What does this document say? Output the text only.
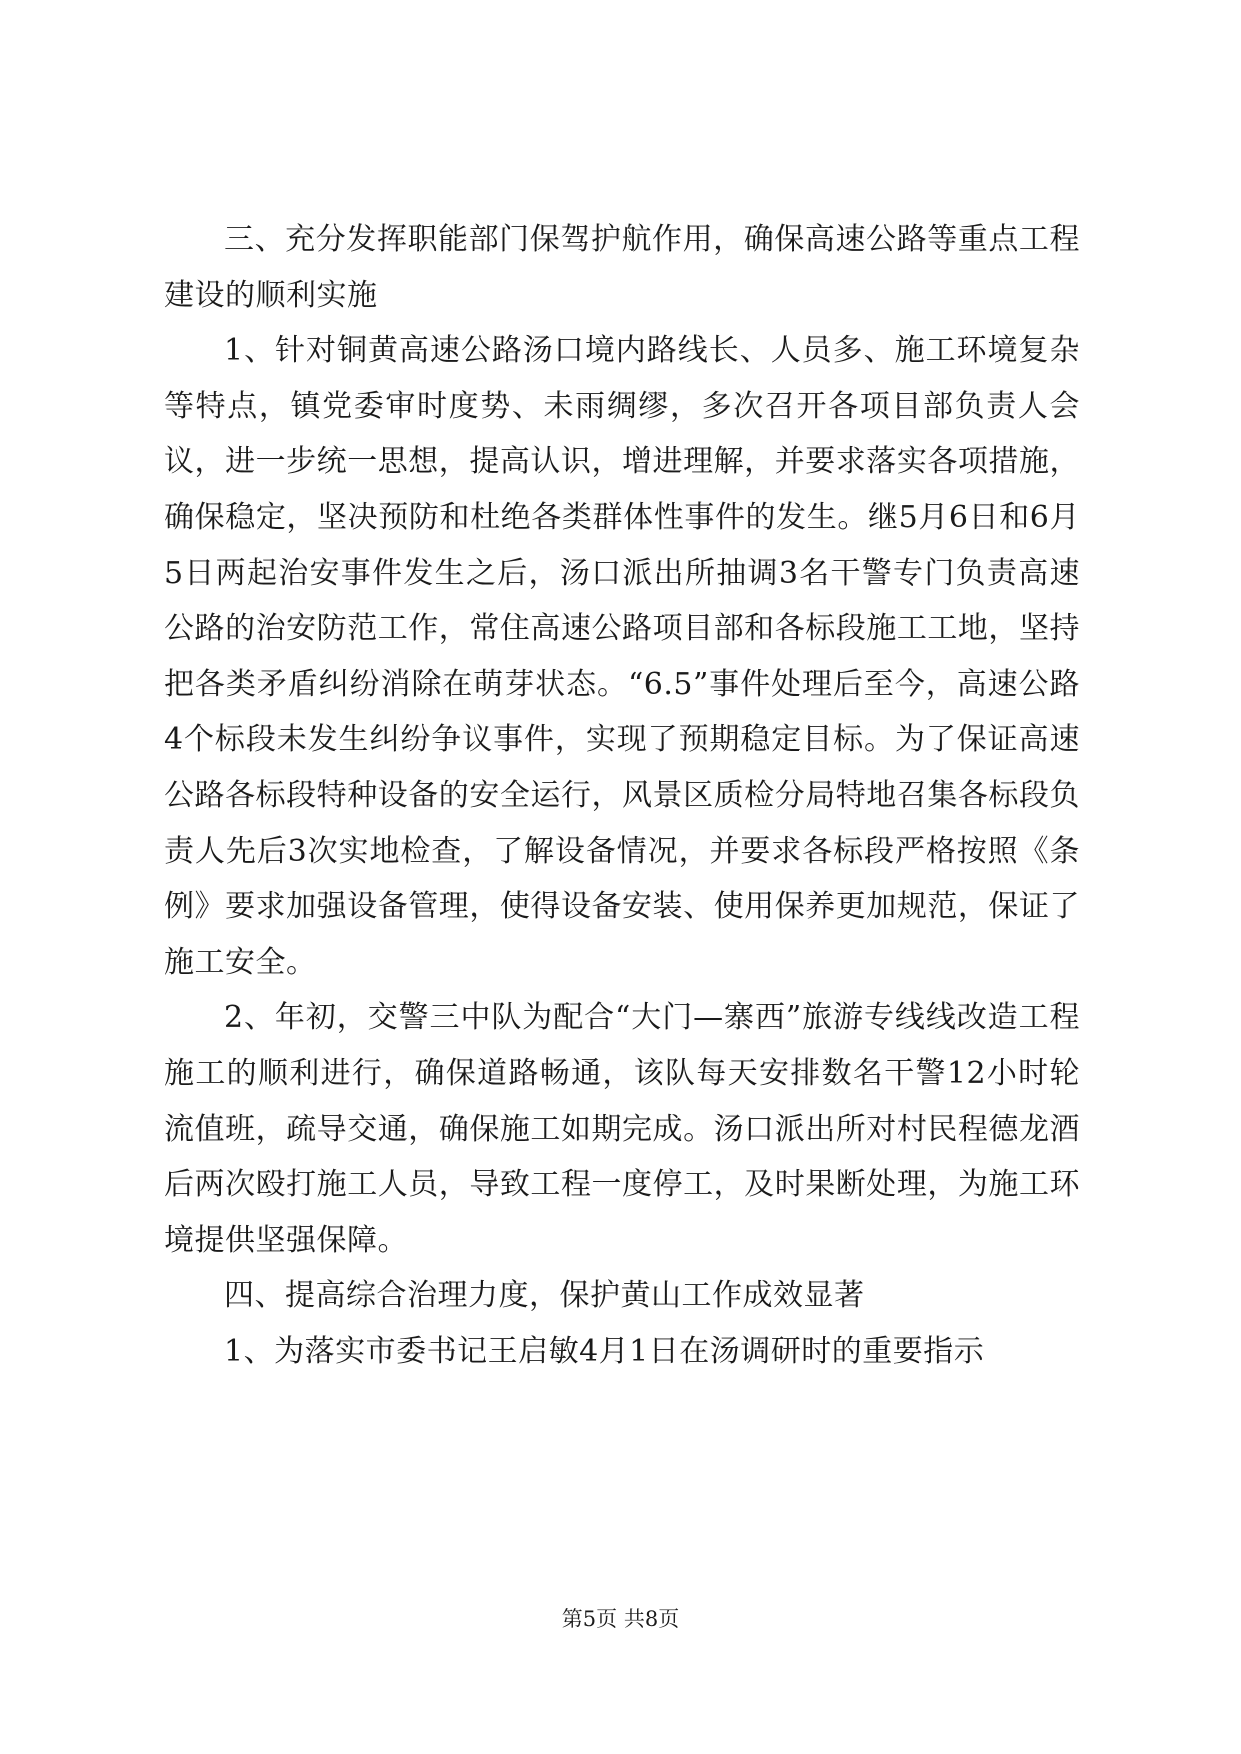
三、充分发挥职能部门保驾护航作用，确保高速公路等重点工程建设的顺利实施

1、针对铜黄高速公路汤口境内路线长、人员多、施工环境复杂等特点，镇党委审时度势、未雨绸缪，多次召开各项目部负责人会议，进一步统一思想，提高认识，增进理解，并要求落实各项措施，确保稳定，坚决预防和杜绝各类群体性事件的发生。继5月6日和6月5日两起治安事件发生之后，汤口派出所抽调3名干警专门负责高速公路的治安防范工作，常住高速公路项目部和各标段施工工地，坚持把各类矛盾纠纷消除在萌芽状态。“6.5”事件处理后至今，高速公路4个标段未发生纠纷争议事件，实现了预期稳定目标。为了保证高速公路各标段特种设备的安全运行，风景区质检分局特地召集各标段负责人先后3次实地检查，了解设备情况，并要求各标段严格按照《条例》要求加强设备管理，使得设备安装、使用保养更加规范，保证了施工安全。

2、年初，交警三中队为配合“大门—寨西”旅游专线线改造工程施工的顺利进行，确保道路畅通，该队每天安排数名干警12小时轮流值班，疏导交通，确保施工如期完成。汤口派出所对村民程德龙酒后两次殴打施工人员，导致工程一度停工，及时果断处理，为施工环境提供坚强保障。

四、提高综合治理力度，保护黄山工作成效显著

1、为落实市委书记王启敏4月1日在汤调研时的重要指示

第5页 共8页
